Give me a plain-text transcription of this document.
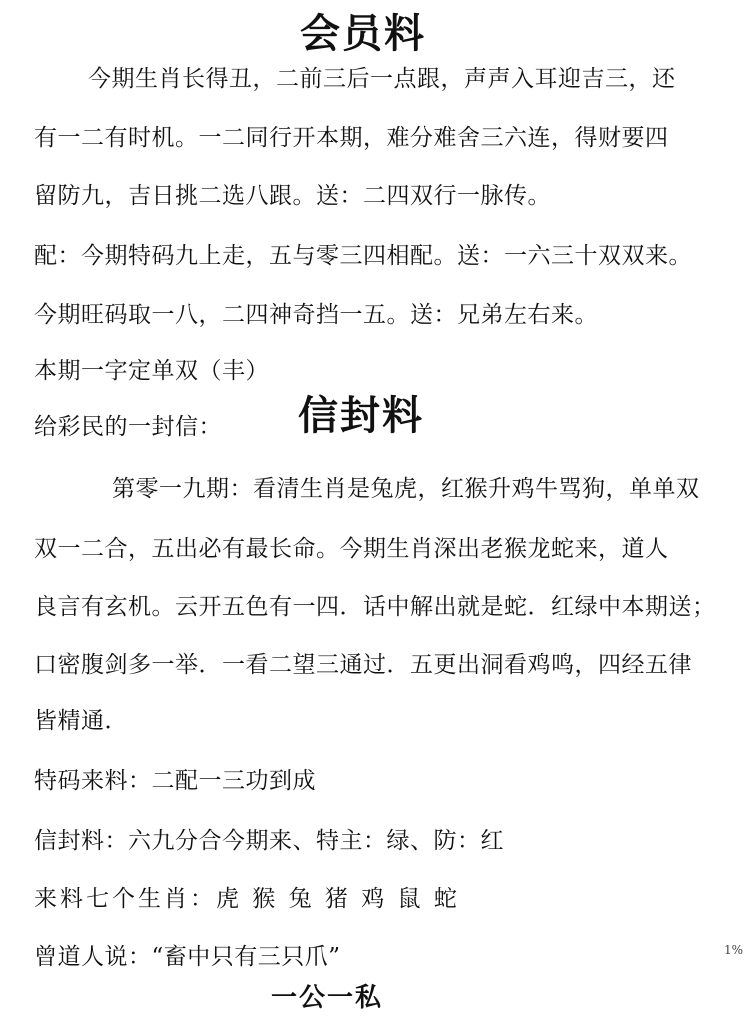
会员料

今期生肖长得丑，二前三后一点跟，声声入耳迎吉三，还

有一二有时机。一二同行开本期，难分难舍三六连，得财要四

留防九，吉日挑二选八跟。送：二四双行一脉传。

配：今期特码九上走，五与零三四相配。送：一六三十双双来。

今期旺码取一八，二四神奇挡一五。送：兄弟左右来。

本期一字定单双（丰）

给彩民的一封信： 信封料

第零一九期：看清生肖是兔虎，红猴升鸡牛骂狗，单单双

双一二合，五出必有最长命。今期生肖深出老猴龙蛇来，道人

良言有玄机。云开五色有一四．话中解出就是蛇．红绿中本期送；

口密腹剑多一举．一看二望三通过．五更出洞看鸡鸣，四经五律

皆精通．

特码来料：二配一三功到成

信封料：六九分合今期来、特主：绿、防：红

来料七个生肖：虎 猴 兔 猪 鸡 鼠 蛇

曾道人说：“畜中只有三只爪”

一公一私

1%
